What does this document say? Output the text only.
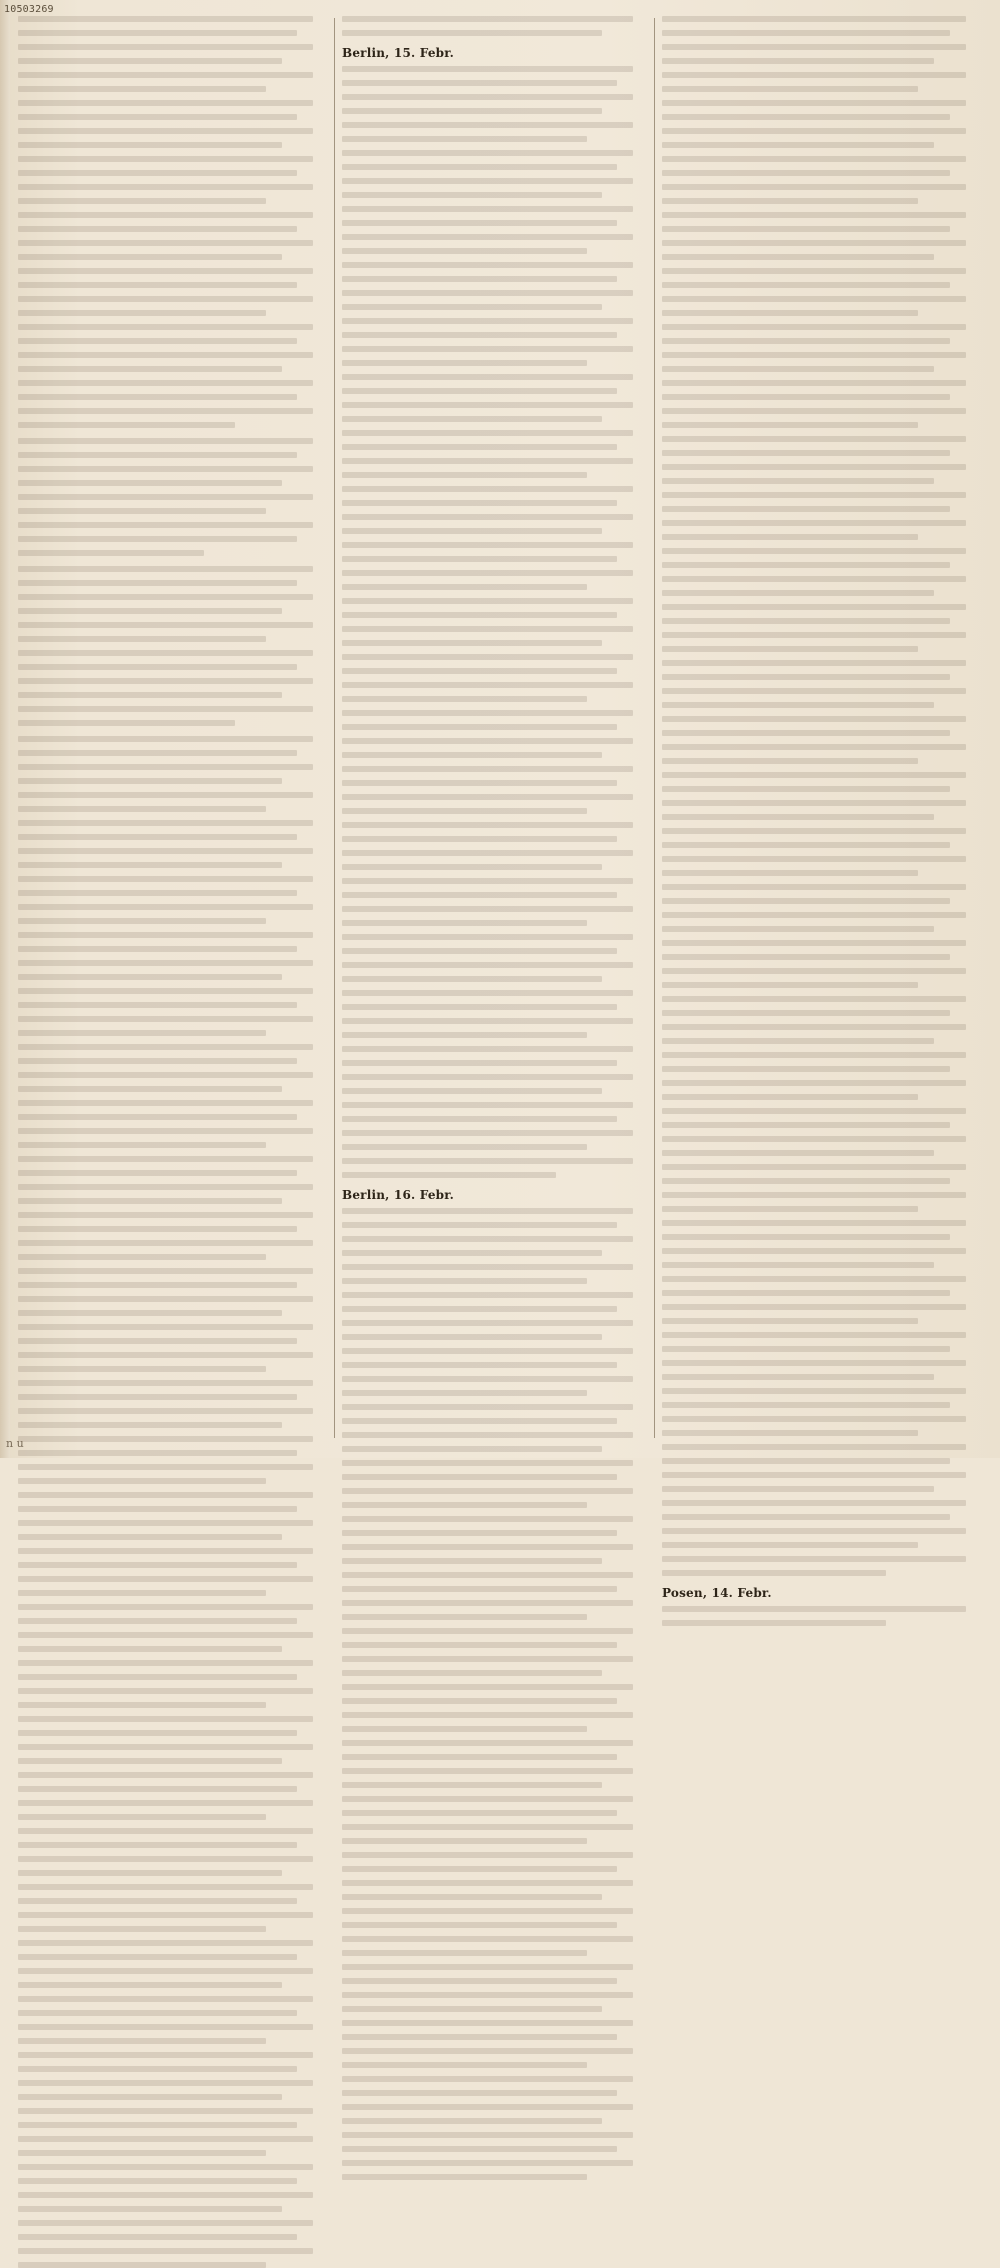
10503269
Berlin, 15. Febr.
Berlin, 16. Febr.
Posen, 14. Febr.
n u
